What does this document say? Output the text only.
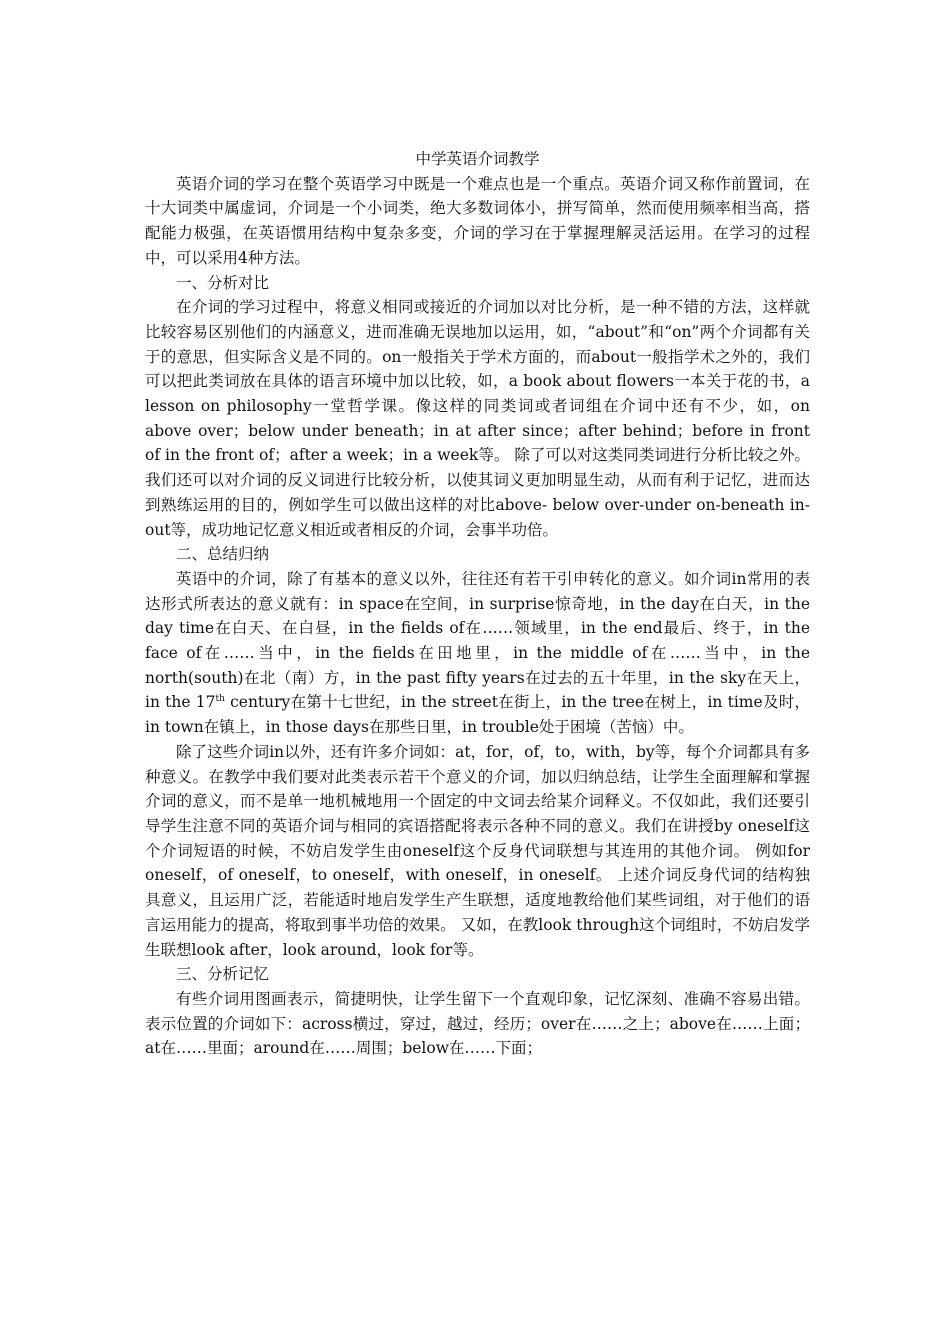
中学英语介词教学

英语介词的学习在整个英语学习中既是一个难点也是一个重点。英语介词又称作前置词，在十大词类中属虚词，介词是一个小词类，绝大多数词体小，拼写简单，然而使用频率相当高，搭配能力极强，在英语惯用结构中复杂多变，介词的学习在于掌握理解灵活运用。在学习的过程中，可以采用4种方法。

一、分析对比

在介词的学习过程中，将意义相同或接近的介词加以对比分析，是一种不错的方法，这样就比较容易区别他们的内涵意义，进而准确无误地加以运用，如，“about”和“on”两个介词都有关于的意思，但实际含义是不同的。on一般指关于学术方面的，而about一般指学术之外的，我们可以把此类词放在具体的语言环境中加以比较，如，a book about flowers一本关于花的书，a lesson on philosophy一堂哲学课。像这样的同类词或者词组在介词中还有不少，如，on above over；below under beneath；in at after since；after behind；before in front of in the front of；after a week；in a week等。 除了可以对这类同类词进行分析比较之外。我们还可以对介词的反义词进行比较分析，以使其词义更加明显生动，从而有利于记忆，进而达到熟练运用的目的，例如学生可以做出这样的对比above- below over-under on-beneath in-out等，成功地记忆意义相近或者相反的介词，会事半功倍。

二、总结归纳

英语中的介词，除了有基本的意义以外，往往还有若干引申转化的意义。如介词in常用的表达形式所表达的意义就有：in space在空间，in surprise惊奇地，in the day在白天，in the day time在白天、在白昼，in the fields of在……领域里，in the end最后、终于，in the face of在……当中，in the fields在田地里，in the middle of在……当中，in the north(south)在北（南）方，in the past fifty years在过去的五十年里，in the sky在天上，in the 17th century在第十七世纪，in the street在街上，in the tree在树上，in time及时，in town在镇上，in those days在那些日里，in trouble处于困境（苦恼）中。

除了这些介词in以外，还有许多介词如：at，for，of，to，with，by等，每个介词都具有多种意义。在教学中我们要对此类表示若干个意义的介词，加以归纳总结，让学生全面理解和掌握介词的意义，而不是单一地机械地用一个固定的中文词去给某介词释义。不仅如此，我们还要引导学生注意不同的英语介词与相同的宾语搭配将表示各种不同的意义。我们在讲授by oneself这个介词短语的时候，不妨启发学生由oneself这个反身代词联想与其连用的其他介词。 例如for oneself，of oneself，to oneself，with oneself，in oneself。 上述介词反身代词的结构独具意义，且运用广泛，若能适时地启发学生产生联想，适度地教给他们某些词组，对于他们的语言运用能力的提高，将取到事半功倍的效果。 又如，在教look through这个词组时，不妨启发学生联想look after，look around，look for等。

三、分析记忆

有些介词用图画表示，简捷明快，让学生留下一个直观印象，记忆深刻、准确不容易出错。表示位置的介词如下：across横过，穿过，越过，经历；over在……之上；above在……上面；at在……里面；around在……周围；below在……下面；
